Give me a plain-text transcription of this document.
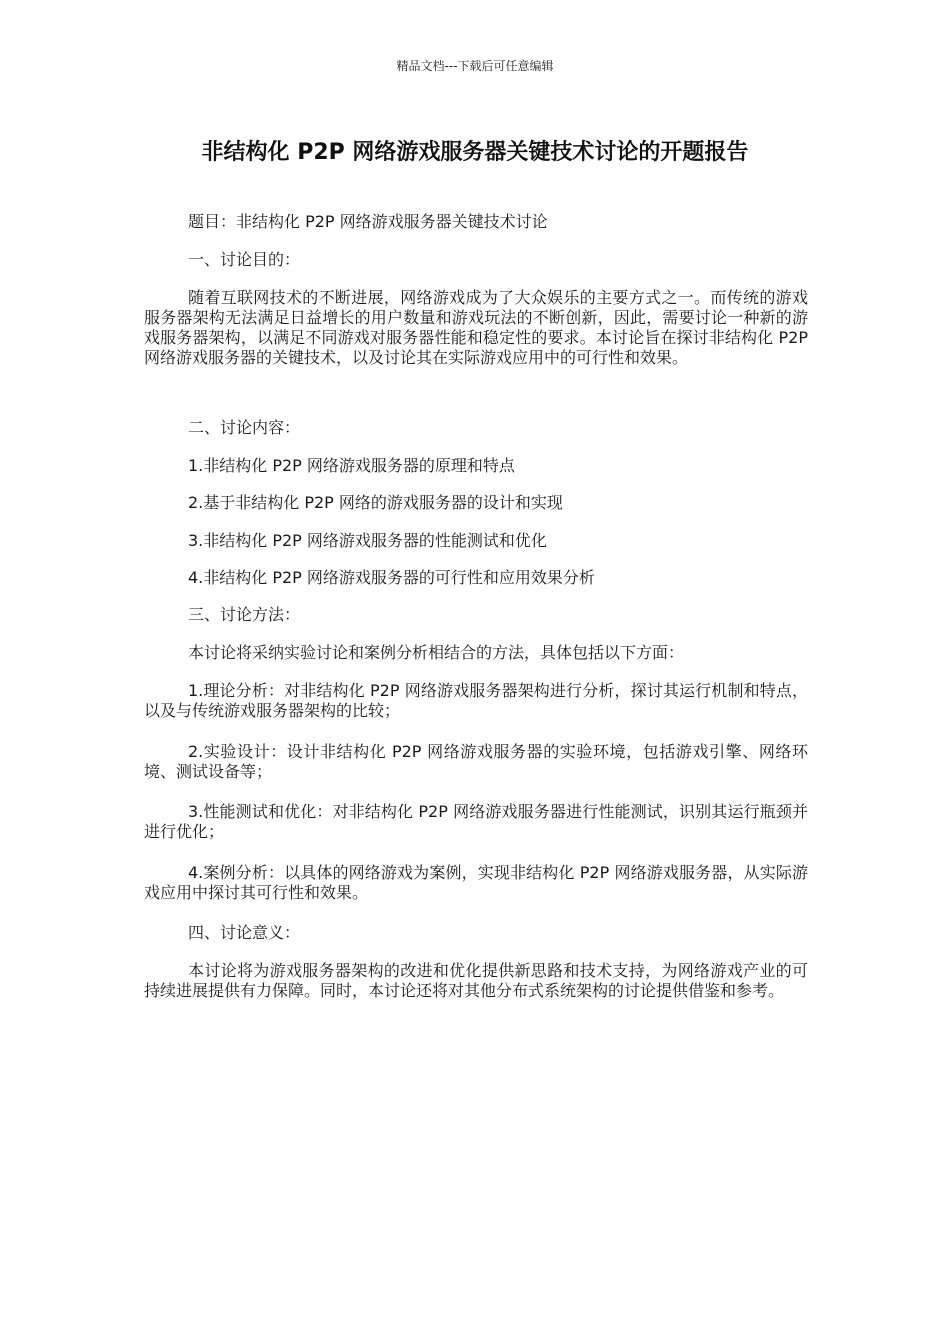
精品文档---下载后可任意编辑
非结构化 P2P 网络游戏服务器关键技术讨论的开题报告

题目：非结构化 P2P 网络游戏服务器关键技术讨论

一、讨论目的：

随着互联网技术的不断进展，网络游戏成为了大众娱乐的主要方式之一。而传统的游戏服务器架构无法满足日益增长的用户数量和游戏玩法的不断创新，因此，需要讨论一种新的游戏服务器架构，以满足不同游戏对服务器性能和稳定性的要求。本讨论旨在探讨非结构化 P2P 网络游戏服务器的关键技术，以及讨论其在实际游戏应用中的可行性和效果。

二、讨论内容：

1.非结构化 P2P 网络游戏服务器的原理和特点

2.基于非结构化 P2P 网络的游戏服务器的设计和实现

3.非结构化 P2P 网络游戏服务器的性能测试和优化

4.非结构化 P2P 网络游戏服务器的可行性和应用效果分析

三、讨论方法：

本讨论将采纳实验讨论和案例分析相结合的方法，具体包括以下方面：

1.理论分析：对非结构化 P2P 网络游戏服务器架构进行分析，探讨其运行机制和特点，以及与传统游戏服务器架构的比较；

2.实验设计：设计非结构化 P2P 网络游戏服务器的实验环境，包括游戏引擎、网络环境、测试设备等；

3.性能测试和优化：对非结构化 P2P 网络游戏服务器进行性能测试，识别其运行瓶颈并进行优化；

4.案例分析：以具体的网络游戏为案例，实现非结构化 P2P 网络游戏服务器，从实际游戏应用中探讨其可行性和效果。

四、讨论意义：

本讨论将为游戏服务器架构的改进和优化提供新思路和技术支持，为网络游戏产业的可持续进展提供有力保障。同时，本讨论还将对其他分布式系统架构的讨论提供借鉴和参考。
